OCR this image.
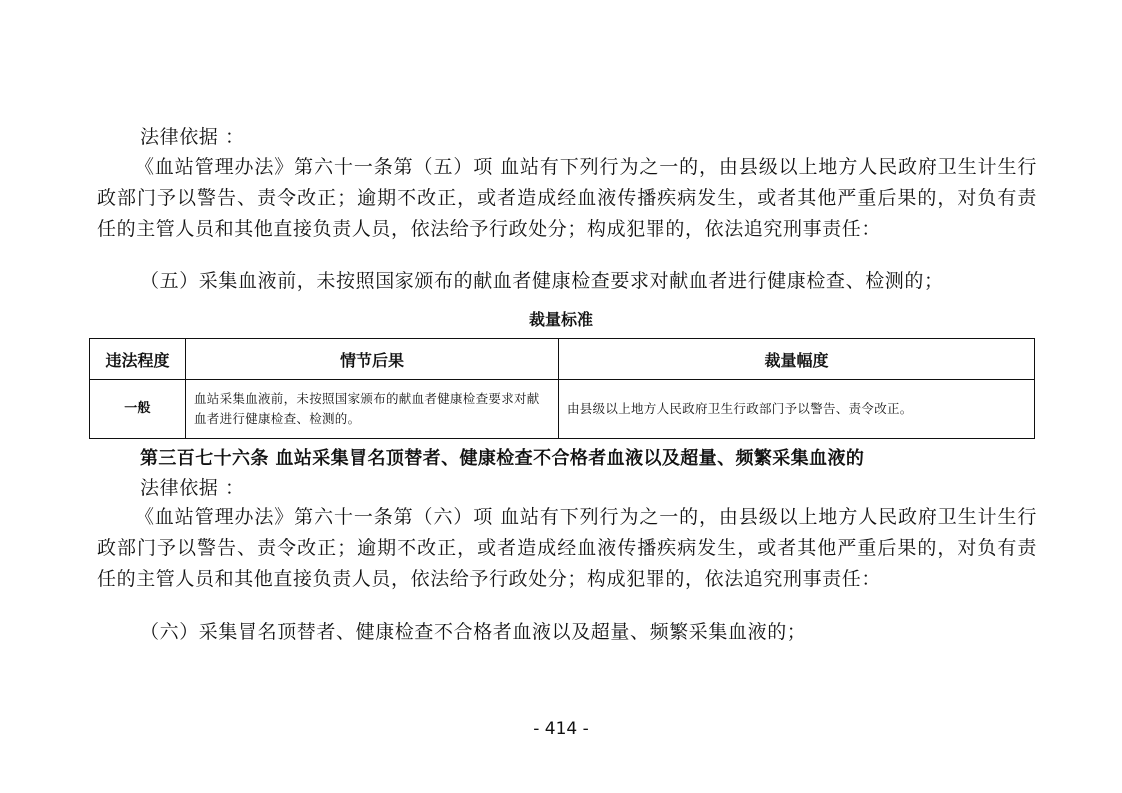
法律依据 ：

《血站管理办法》第六十一条第（五）项 血站有下列行为之一的，由县级以上地方人民政府卫生计生行政部门予以警告、责令改正；逾期不改正，或者造成经血液传播疾病发生，或者其他严重后果的，对负有责任的主管人员和其他直接负责人员，依法给予行政处分；构成犯罪的，依法追究刑事责任：

（五）采集血液前，未按照国家颁布的献血者健康检查要求对献血者进行健康检查、检测的；

裁量标准
违法程度	情节后果	裁量幅度
一般	血站采集血液前，未按照国家颁布的献血者健康检查要求对献血者进行健康检查、检测的。	由县级以上地方人民政府卫生行政部门予以警告、责令改正。
第三百七十六条 血站采集冒名顶替者、健康检查不合格者血液以及超量、频繁采集血液的

法律依据 ：

《血站管理办法》第六十一条第（六）项 血站有下列行为之一的，由县级以上地方人民政府卫生计生行政部门予以警告、责令改正；逾期不改正，或者造成经血液传播疾病发生，或者其他严重后果的，对负有责任的主管人员和其他直接负责人员，依法给予行政处分；构成犯罪的，依法追究刑事责任：

（六）采集冒名顶替者、健康检查不合格者血液以及超量、频繁采集血液的；

- 414 -
